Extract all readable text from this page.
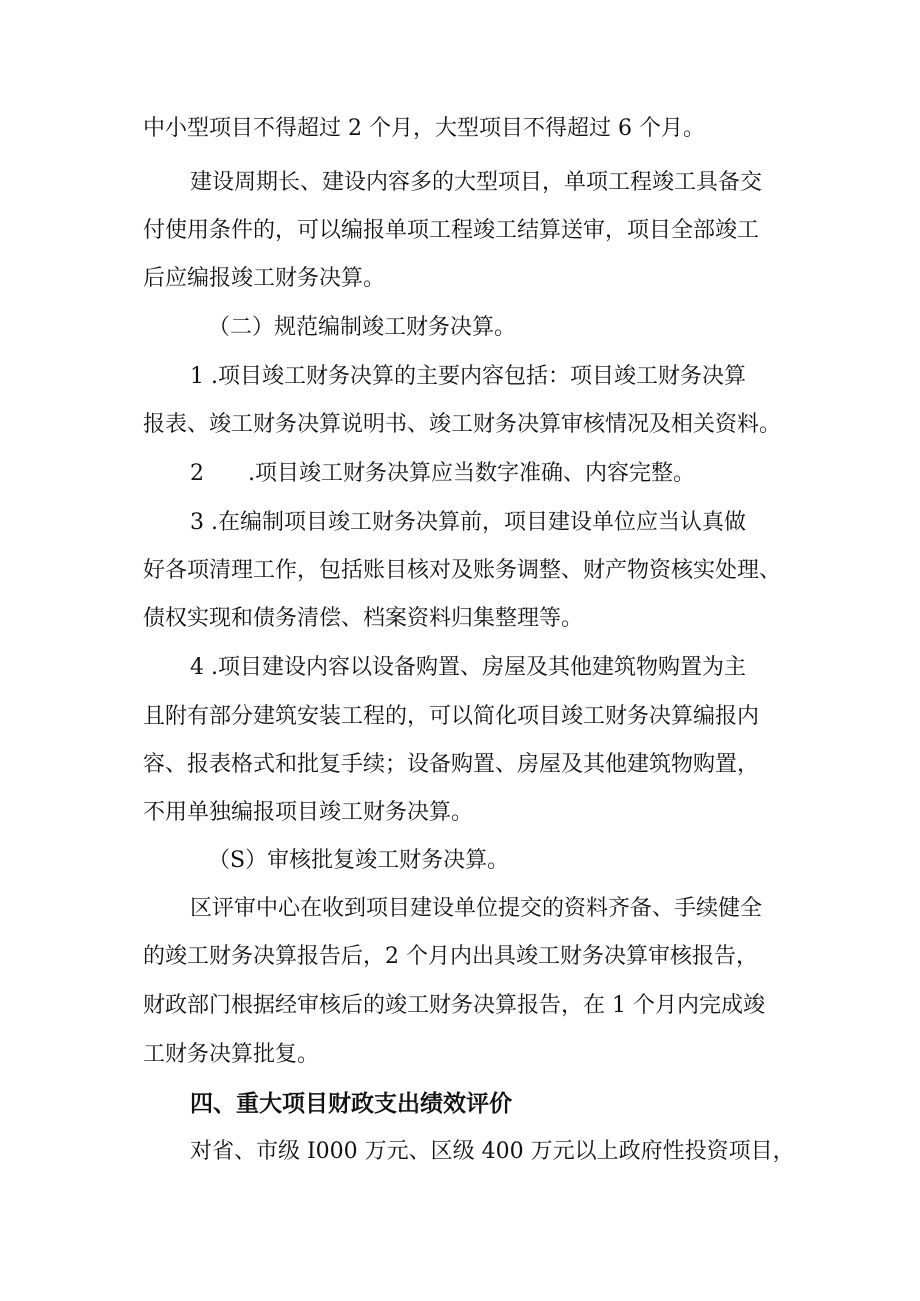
中小型项目不得超过 2 个月，大型项目不得超过 6 个月。
建设周期长、建设内容多的大型项目，单项工程竣工具备交
付使用条件的，可以编报单项工程竣工结算送审，项目全部竣工
后应编报竣工财务决算。
（二）规范编制竣工财务决算。
1 .项目竣工财务决算的主要内容包括：项目竣工财务决算
报表、竣工财务决算说明书、竣工财务决算审核情况及相关资料。
2　　.项目竣工财务决算应当数字准确、内容完整。
3 .在编制项目竣工财务决算前，项目建设单位应当认真做
好各项清理工作，包括账目核对及账务调整、财产物资核实处理、
债权实现和债务清偿、档案资料归集整理等。
4 .项目建设内容以设备购置、房屋及其他建筑物购置为主
且附有部分建筑安装工程的，可以简化项目竣工财务决算编报内
容、报表格式和批复手续；设备购置、房屋及其他建筑物购置，
不用单独编报项目竣工财务决算。
（S）审核批复竣工财务决算。
区评审中心在收到项目建设单位提交的资料齐备、手续健全
的竣工财务决算报告后，2 个月内出具竣工财务决算审核报告，
财政部门根据经审核后的竣工财务决算报告，在 1 个月内完成竣
工财务决算批复。
四、重大项目财政支出绩效评价
对省、市级 I000 万元、区级 400 万元以上政府性投资项目，
